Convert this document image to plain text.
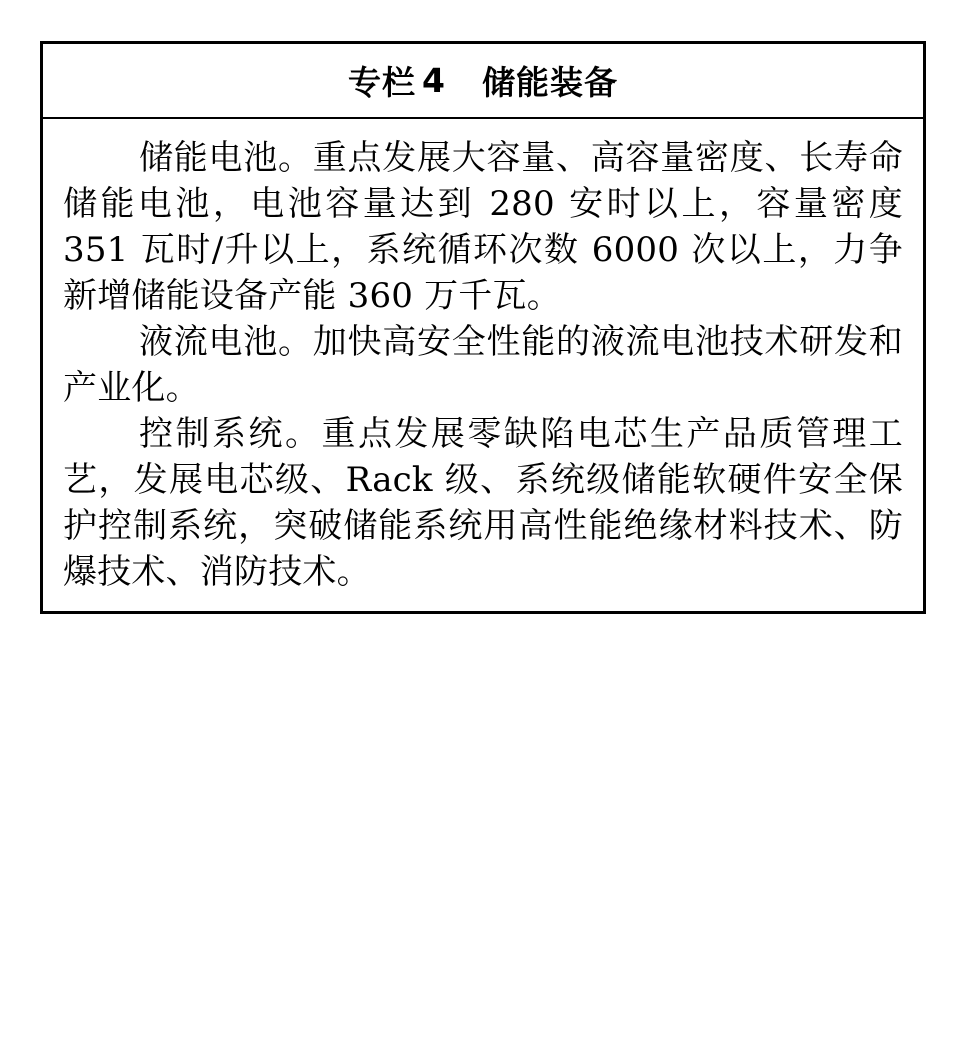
专栏 4 储能装备

储能电池。重点发展大容量、高容量密度、长寿命储能电池，电池容量达到 280 安时以上，容量密度 351 瓦时/升以上，系统循环次数 6000 次以上，力争新增储能设备产能 360 万千瓦。

液流电池。加快高安全性能的液流电池技术研发和产业化。

控制系统。重点发展零缺陷电芯生产品质管理工艺，发展电芯级、Rack 级、系统级储能软硬件安全保护控制系统，突破储能系统用高性能绝缘材料技术、防爆技术、消防技术。
